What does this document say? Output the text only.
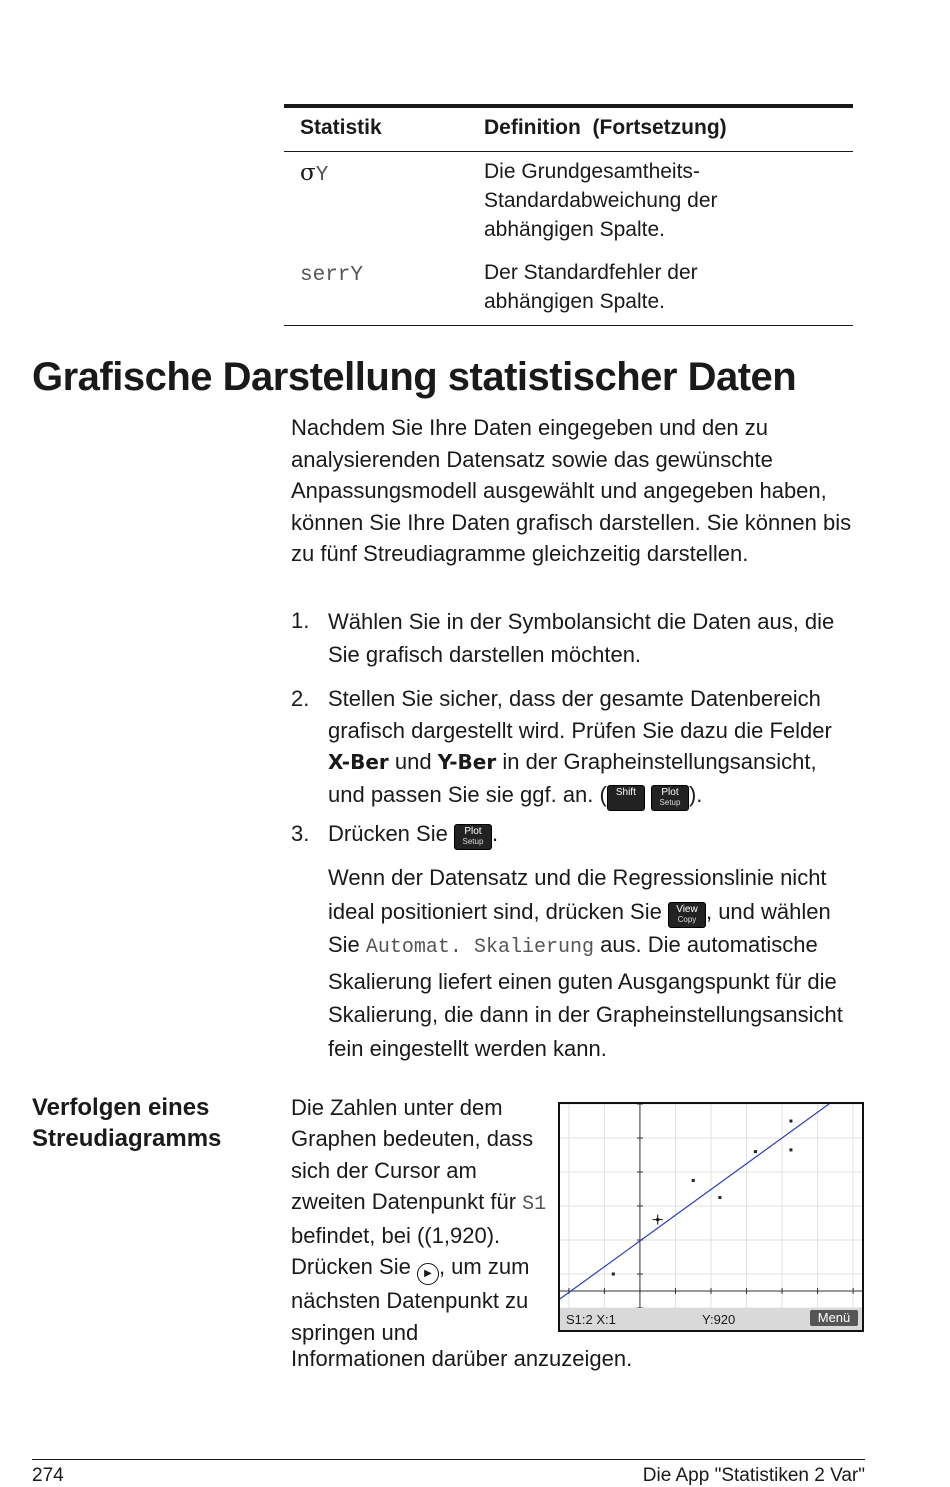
Statistik	Definition (Fortsetzung)
σY	Die Grundgesamtheits-
Standardabweichung der
abhängigen Spalte.
serrY	Der Standardfehler der
abhängigen Spalte.
Grafische Darstellung statistischer Daten
Nachdem Sie Ihre Daten eingegeben und den zu
analysierenden Datensatz sowie das gewünschte
Anpassungsmodell ausgewählt und angegeben haben,
können Sie Ihre Daten grafisch darstellen. Sie können bis
zu fünf Streudiagramme gleichzeitig darstellen.
1. Wählen Sie in der Symbolansicht die Daten aus, die
Sie grafisch darstellen möchten.
2. Stellen Sie sicher, dass der gesamte Datenbereich
grafisch dargestellt wird. Prüfen Sie dazu die Felder
X-Ber und Y-Ber in der Grapheinstellungsansicht,
und passen Sie sie ggf. an. ( Shift
	Plot
Setup ).
3. Drücken Sie Plot
Setup .
Wenn der Datensatz und die Regressionslinie nicht
ideal positioniert sind, drücken Sie View
Copy , und wählen
Sie Automat. Skalierung aus. Die automatische
Skalierung liefert einen guten Ausgangspunkt für die
Skalierung, die dann in der Grapheinstellungsansicht
fein eingestellt werden kann.
Verfolgen eines
Streudiagramms
Die Zahlen unter dem
Graphen bedeuten, dass
sich der Cursor am
zweiten Datenpunkt für S1
befindet, bei ((1,920).
Drücken Sie ▶ , um zum
nächsten Datenpunkt zu
springen und
Informationen darüber anzuzeigen.
S1:2 X:1	Y:920	Menü
274	Die App "Statistiken 2 Var"
